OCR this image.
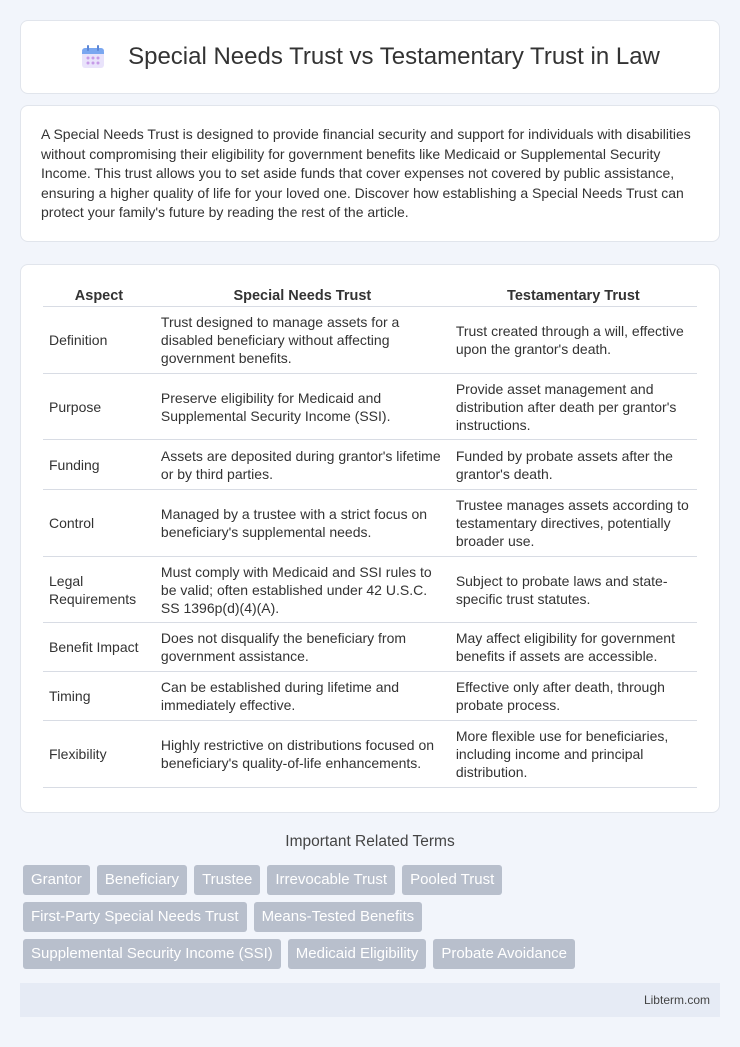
Special Needs Trust vs Testamentary Trust in Law

A Special Needs Trust is designed to provide financial security and support for individuals with disabilities without compromising their eligibility for government benefits like Medicaid or Supplemental Security Income. This trust allows you to set aside funds that cover expenses not covered by public assistance, ensuring a higher quality of life for your loved one. Discover how establishing a Special Needs Trust can protect your family's future by reading the rest of the article.

Aspect	Special Needs Trust	Testamentary Trust
Definition	Trust designed to manage assets for a disabled beneficiary without affecting government benefits.	Trust created through a will, effective upon the grantor's death.
Purpose	Preserve eligibility for Medicaid and Supplemental Security Income (SSI).	Provide asset management and distribution after death per grantor's instructions.
Funding	Assets are deposited during grantor's lifetime or by third parties.	Funded by probate assets after the grantor's death.
Control	Managed by a trustee with a strict focus on beneficiary's supplemental needs.	Trustee manages assets according to testamentary directives, potentially broader use.
Legal Requirements	Must comply with Medicaid and SSI rules to be valid; often established under 42 U.S.C. SS 1396p(d)(4)(A).	Subject to probate laws and state-specific trust statutes.
Benefit Impact	Does not disqualify the beneficiary from government assistance.	May affect eligibility for government benefits if assets are accessible.
Timing	Can be established during lifetime and immediately effective.	Effective only after death, through probate process.
Flexibility	Highly restrictive on distributions focused on beneficiary's quality-of-life enhancements.	More flexible use for beneficiaries, including income and principal distribution.
Important Related Terms
Grantor	Beneficiary	Trustee	Irrevocable Trust	Pooled Trust
First-Party Special Needs Trust	Means-Tested Benefits
Supplemental Security Income (SSI)	Medicaid Eligibility	Probate Avoidance
Libterm.com
